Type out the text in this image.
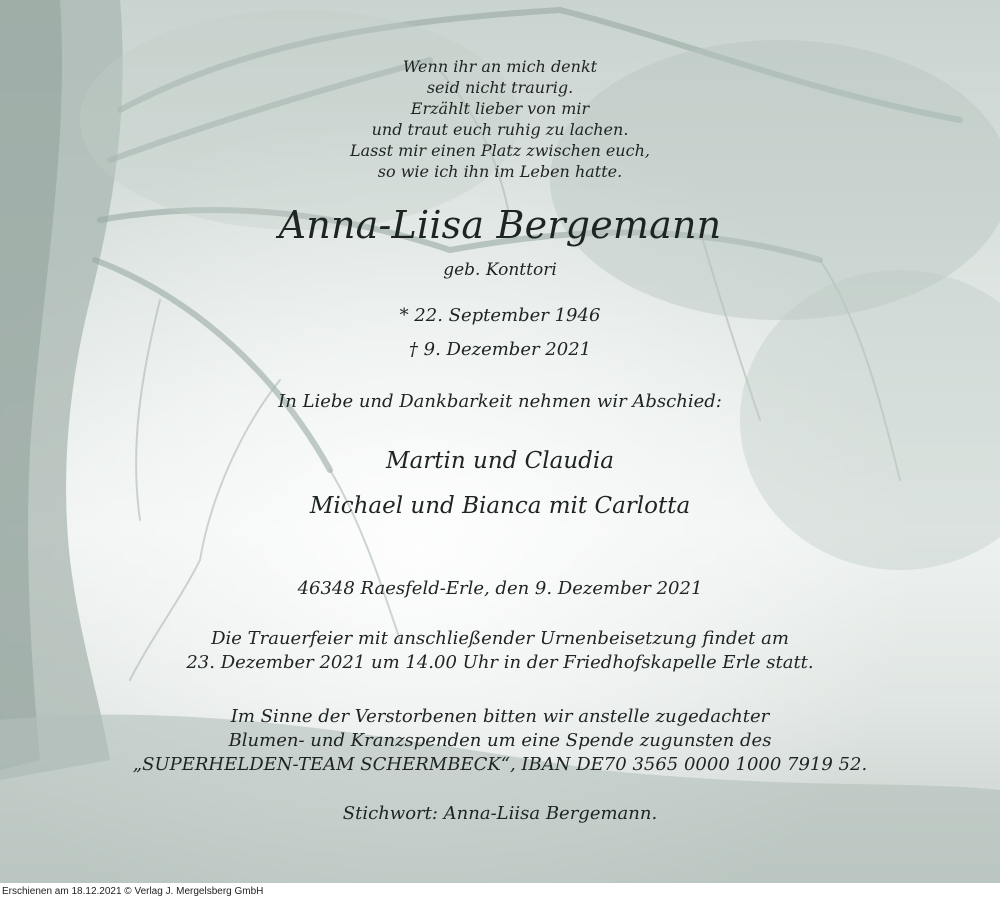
Wenn ihr an mich denkt
seid nicht traurig.
Erzählt lieber von mir
und traut euch ruhig zu lachen.
Lasst mir einen Platz zwischen euch,
so wie ich ihn im Leben hatte.
Anna-Liisa Bergemann
geb. Konttori
* 22. September 1946
† 9. Dezember 2021
In Liebe und Dankbarkeit nehmen wir Abschied:
Martin und Claudia
Michael und Bianca mit Carlotta
46348 Raesfeld-Erle, den 9. Dezember 2021
Die Trauerfeier mit anschließender Urnenbeisetzung findet am
23. Dezember 2021 um 14.00 Uhr in der Friedhofskapelle Erle statt.
Im Sinne der Verstorbenen bitten wir anstelle zugedachter
Blumen- und Kranzspenden um eine Spende zugunsten des
„SUPERHELDEN-TEAM SCHERMBECK“, IBAN DE70 3565 0000 1000 7919 52.
Stichwort: Anna-Liisa Bergemann.
Erschienen am 18.12.2021 © Verlag J. Mergelsberg GmbH
